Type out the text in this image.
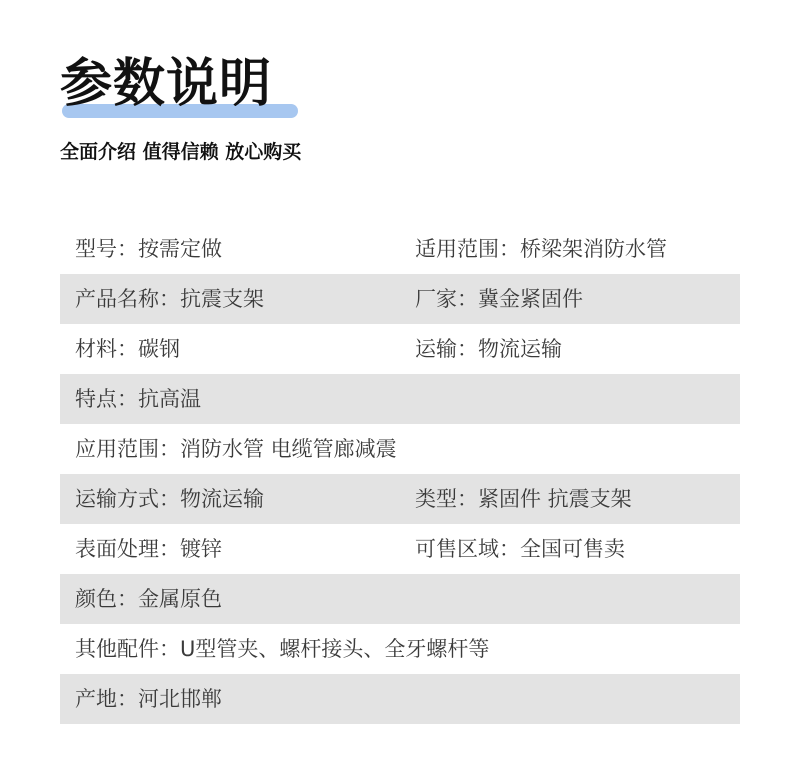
参数说明
全面介绍 值得信赖 放心购买
型号：按需定做	适用范围：桥梁架消防水管
产品名称：抗震支架	厂家：冀金紧固件
材料：碳钢	运输：物流运输
特点：抗高温
应用范围：消防水管 电缆管廊减震
运输方式：物流运输	类型：紧固件 抗震支架
表面处理：镀锌	可售区域：全国可售卖
颜色：金属原色
其他配件：U型管夹、螺杆接头、全牙螺杆等
产地：河北邯郸
